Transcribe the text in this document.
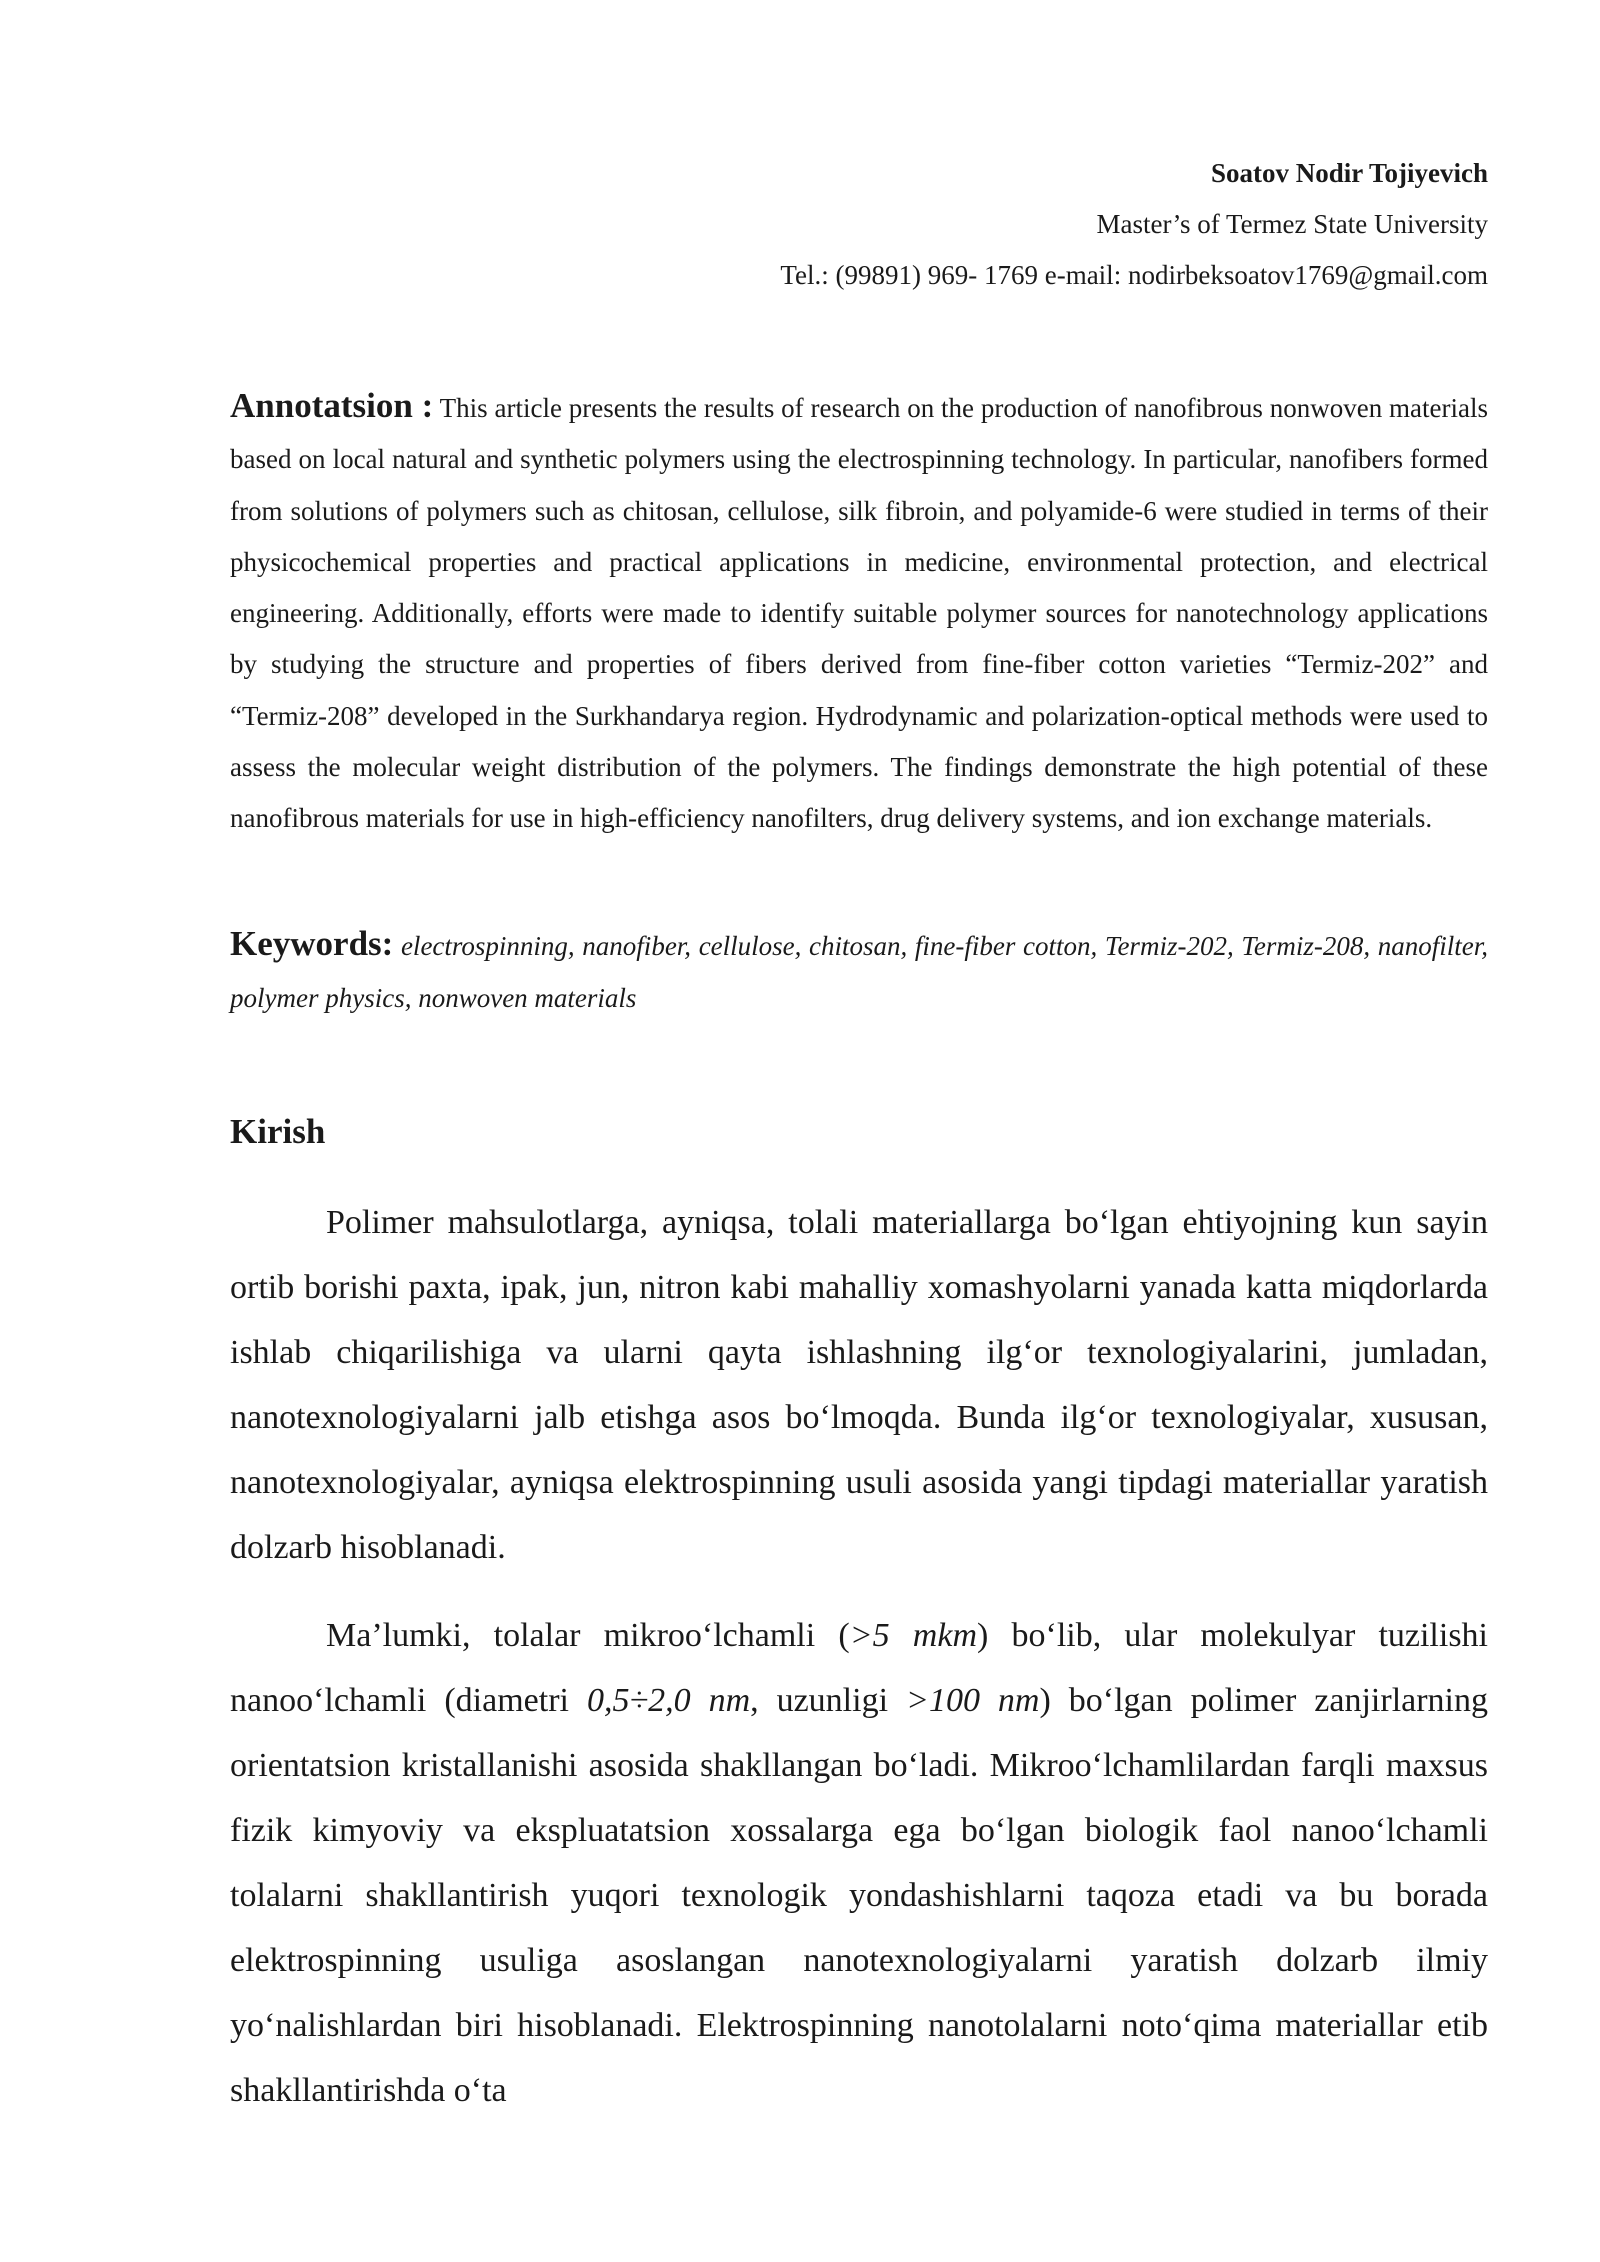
Soatov Nodir Tojiyevich
Master’s of Termez State University
Tel.: (99891) 969- 1769 e-mail: nodirbeksoatov1769@gmail.com
Annotatsion : This article presents the results of research on the production of nanofibrous nonwoven materials based on local natural and synthetic polymers using the electrospinning technology. In particular, nanofibers formed from solutions of polymers such as chitosan, cellulose, silk fibroin, and polyamide-6 were studied in terms of their physicochemical properties and practical applications in medicine, environmental protection, and electrical engineering. Additionally, efforts were made to identify suitable polymer sources for nanotechnology applications by studying the structure and properties of fibers derived from fine-fiber cotton varieties “Termiz-202” and “Termiz-208” developed in the Surkhandarya region. Hydrodynamic and polarization-optical methods were used to assess the molecular weight distribution of the polymers. The findings demonstrate the high potential of these nanofibrous materials for use in high-efficiency nanofilters, drug delivery systems, and ion exchange materials.
Keywords: electrospinning, nanofiber, cellulose, chitosan, fine-fiber cotton, Termiz-202, Termiz-208, nanofilter, polymer physics, nonwoven materials
Kirish
Polimer mahsulotlarga, ayniqsa, tolali materiallarga bo‘lgan ehtiyojning kun sayin ortib borishi paxta, ipak, jun, nitron kabi mahalliy xomashyolarni yanada katta miqdorlarda ishlab chiqarilishiga va ularni qayta ishlashning ilg‘or texnologiyalarini, jumladan, nanotexnologiyalarni jalb etishga asos bo‘lmoqda. Bunda ilg‘or texnologiyalar, xususan, nanotexnologiyalar, ayniqsa elektrospinning usuli asosida yangi tipdagi materiallar yaratish dolzarb hisoblanadi.
Ma’lumki, tolalar mikroo‘lchamli (>5 mkm) bo‘lib, ular molekulyar tuzilishi nanoo‘lchamli (diametri 0,5÷2,0 nm, uzunligi >100 nm) bo‘lgan polimer zanjirlarning orientatsion kristallanishi asosida shakllangan bo‘ladi. Mikroo‘lchamlilardan farqli maxsus fizik kimyoviy va ekspluatatsion xossalarga ega bo‘lgan biologik faol nanoo‘lchamli tolalarni shakllantirish yuqori texnologik yondashishlarni taqoza etadi va bu borada elektrospinning usuliga asoslangan nanotexnologiyalarni yaratish dolzarb ilmiy yo‘nalishlardan biri hisoblanadi. Elektrospinning nanotolalarni noto‘qima materiallar etib shakllantirishda o‘ta
